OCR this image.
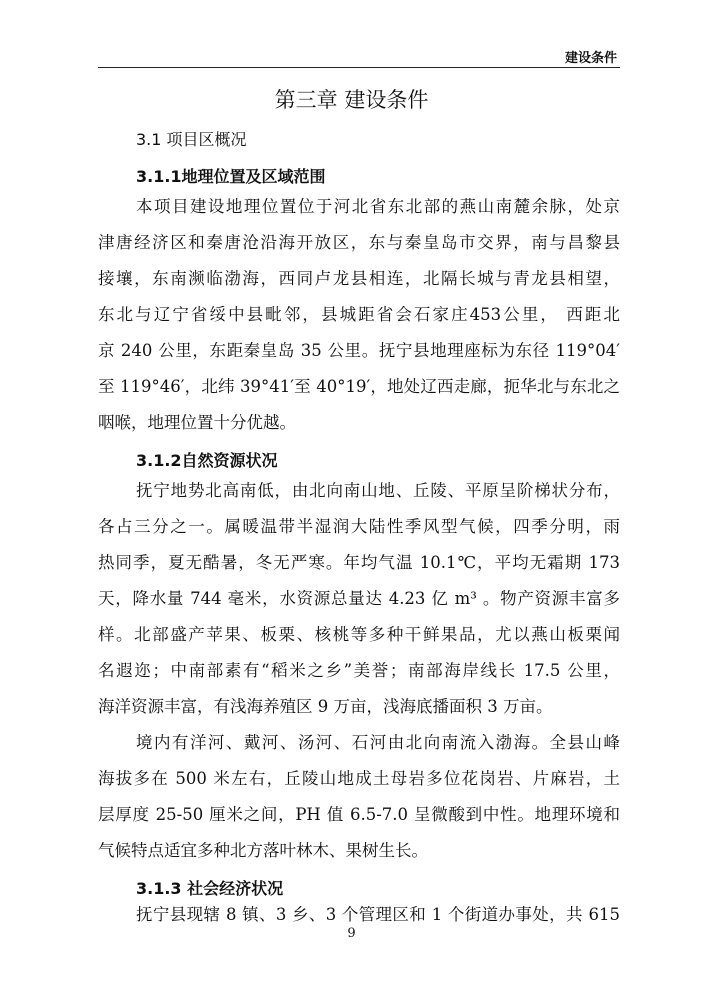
建设条件
第三章 建设条件
3.1 项目区概况
3.1.1地理位置及区域范围
本项目建设地理位置位于河北省东北部的燕山南麓余脉，处京
津唐经济区和秦唐沧沿海开放区，东与秦皇岛市交界，南与昌黎县
接壤，东南濒临渤海，西同卢龙县相连，北隔长城与青龙县相望，
东北与辽宁省绥中县毗邻，县城距省会石家庄453公里， 西距北
京 240 公里，东距秦皇岛 35 公里。抚宁县地理座标为东径 119°04′
至 119°46′，北纬 39°41′至 40°19′，地处辽西走廊，扼华北与东北之
咽喉，地理位置十分优越。
3.1.2自然资源状况
抚宁地势北高南低，由北向南山地、丘陵、平原呈阶梯状分布，
各占三分之一。属暖温带半湿润大陆性季风型气候，四季分明，雨
热同季，夏无酷暑，冬无严寒。年均气温 10.1℃，平均无霜期 173
天，降水量 744 毫米，水资源总量达 4.23 亿 m³ 。物产资源丰富多
样。北部盛产苹果、板栗、核桃等多种干鲜果品，尤以燕山板栗闻
名遐迩；中南部素有“稻米之乡”美誉；南部海岸线长 17.5 公里，
海洋资源丰富，有浅海养殖区 9 万亩，浅海底播面积 3 万亩。
境内有洋河、戴河、汤河、石河由北向南流入渤海。全县山峰
海拔多在 500 米左右，丘陵山地成土母岩多位花岗岩、片麻岩，土
层厚度 25-50 厘米之间，PH 值 6.5-7.0 呈微酸到中性。地理环境和
气候特点适宜多种北方落叶林木、果树生长。
3.1.3 社会经济状况
抚宁县现辖 8 镇、3 乡、3 个管理区和 1 个街道办事处，共 615
9
